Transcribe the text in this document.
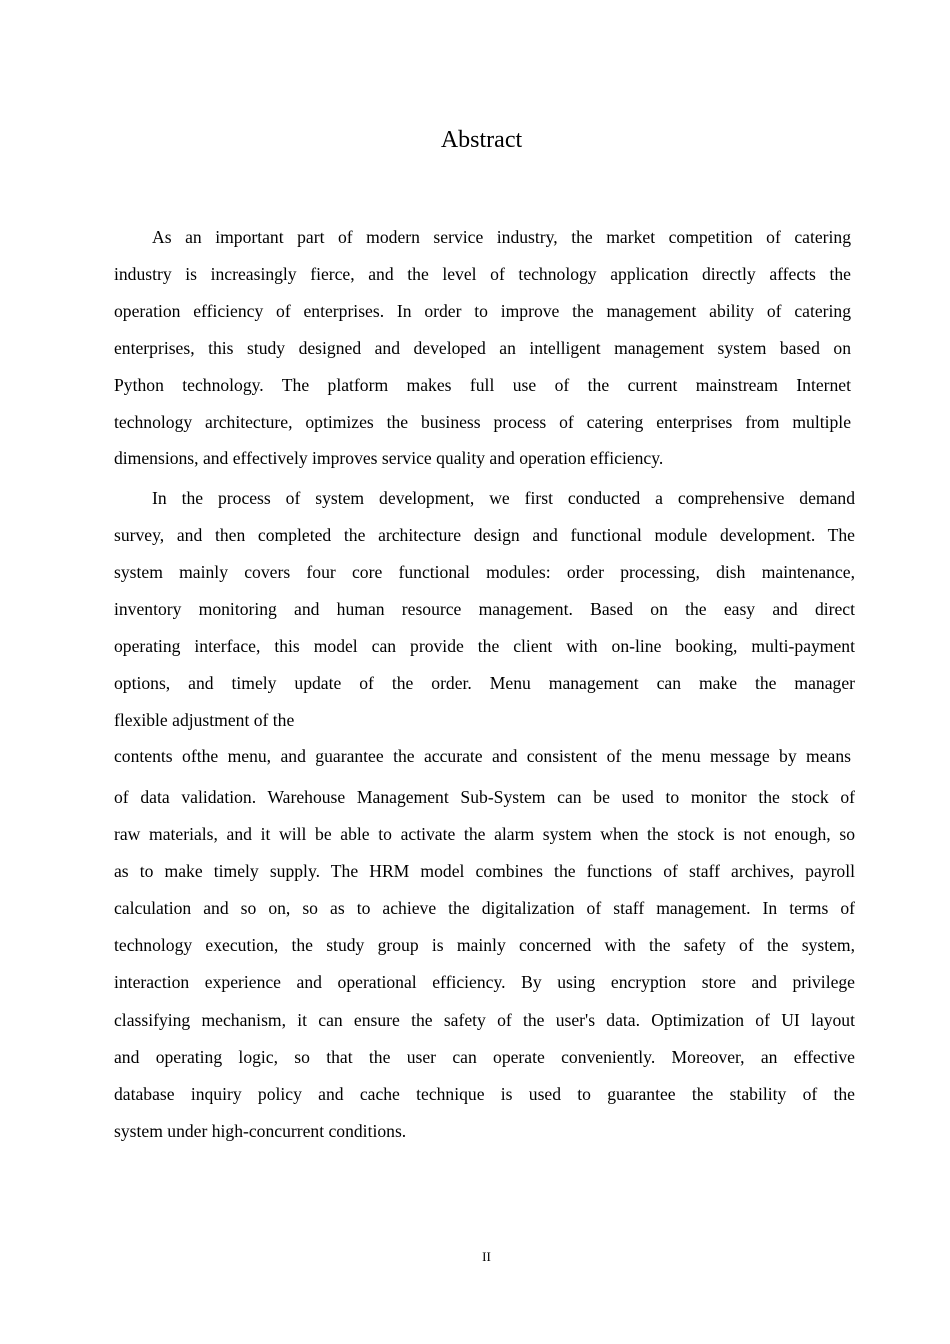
Abstract
As an important part of modern service industry, the market competition of catering
industry is increasingly fierce, and the level of technology application directly affects the
operation efficiency of enterprises. In order to improve the management ability of catering
enterprises, this study designed and developed an intelligent management system based on
Python technology. The platform makes full use of the current mainstream Internet
technology architecture, optimizes the business process of catering enterprises from multiple
dimensions, and effectively improves service quality and operation efficiency.
In the process of system development, we first conducted a comprehensive demand
survey, and then completed the architecture design and functional module development. The
system mainly covers four core functional modules: order processing, dish maintenance,
inventory monitoring and human resource management. Based on the easy and direct
operating interface, this model can provide the client with on-line booking, multi-payment
options, and timely update of the order. Menu management can make the manager
flexible adjustment of the
contents ofthe menu, and guarantee the accurate and consistent of the menu message by means
of data validation. Warehouse Management Sub-System can be used to monitor the stock of
raw materials, and it will be able to activate the alarm system when the stock is not enough, so
as to make timely supply. The HRM model combines the functions of staff archives, payroll
calculation and so on, so as to achieve the digitalization of staff management. In terms of
technology execution, the study group is mainly concerned with the safety of the system,
interaction experience and operational efficiency. By using encryption store and privilege
classifying mechanism, it can ensure the safety of the user's data. Optimization of UI layout
and operating logic, so that the user can operate conveniently. Moreover, an effective
database inquiry policy and cache technique is used to guarantee the stability of the
system under high-concurrent conditions.
II
